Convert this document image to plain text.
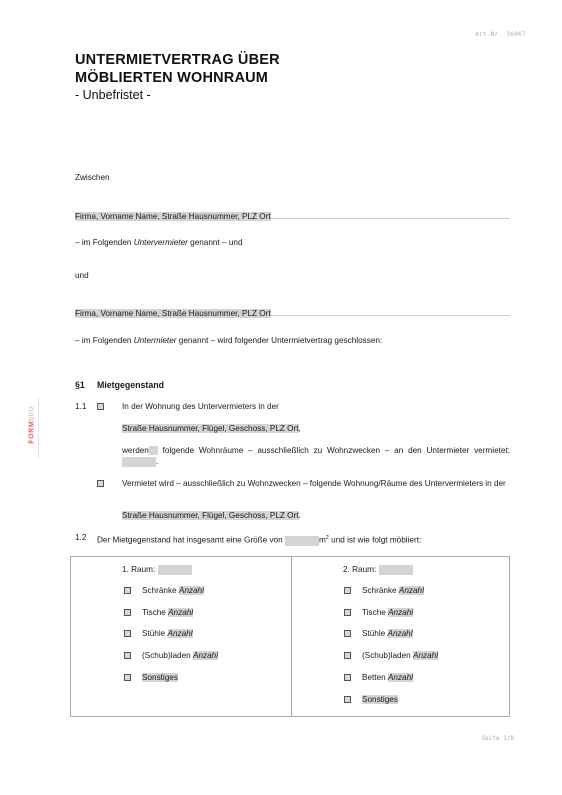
Art.Nr. 36067
UNTERMIETVERTRAG ÜBER
MÖBLIERTEN WOHNRAUM
- Unbefristet -
Zwischen
Firma, Vorname Name, Straße Hausnummer, PLZ Ort
– im Folgenden Untervermieter genannt – und
und
Firma, Vorname Name, Straße Hausnummer, PLZ Ort
– im Folgenden Untermieter genannt – wird folgender Untermietvertrag geschlossen:
FORMblitz
§1 Mietgegenstand
1.1	In der Wohnung des Untervermieters in der
Straße Hausnummer, Flügel, Geschoss, PLZ Ort,
werden folgende Wohnräume – ausschließlich zu Wohnzwecken – an den Untermieter vermietet: .
Vermietet wird – ausschließlich zu Wohnzwecken – folgende Wohnung/Räume des Untervermieters in der
Straße Hausnummer, Flügel, Geschoss, PLZ Ort.
1.2 Der Mietgegenstand hat insgesamt eine Größe von	$m^2$ und ist wie folgt möbliert:
1. Raum:
Schränke Anzahl
Tische Anzahl
Stühle Anzahl
(Schub)laden Anzahl
Sonstiges
2. Raum:
Schränke Anzahl
Tische Anzahl
Stühle Anzahl
(Schub)laden Anzahl
Betten Anzahl
Sonstiges
Seite 1/8
